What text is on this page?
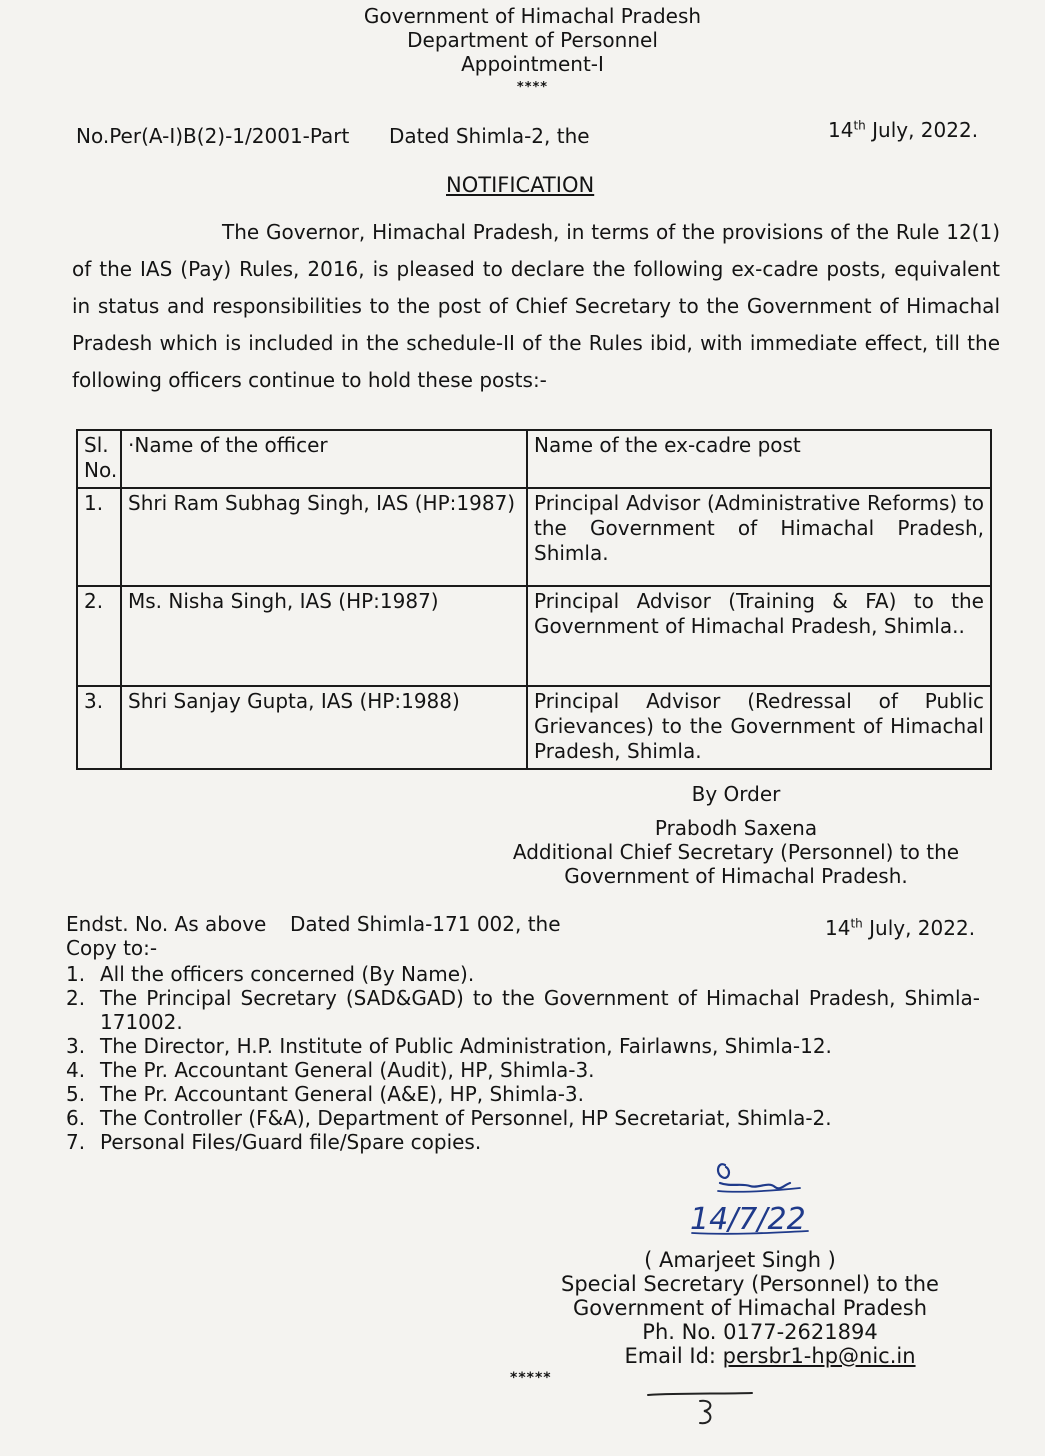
Government of Himachal Pradesh
Department of Personnel
Appointment-I
****
No.Per(A-I)B(2)-1/2001-Part Dated Shimla-2, the	14th July, 2022.
NOTIFICATION
The Governor, Himachal Pradesh, in terms of the provisions of the Rule 12(1) of the IAS (Pay) Rules, 2016, is pleased to declare the following ex-cadre posts, equivalent in status and responsibilities to the post of Chief Secretary to the Government of Himachal Pradesh which is included in the schedule-II of the Rules ibid, with immediate effect, till the following officers continue to hold these posts:-
Sl. No.	·Name of the officer	Name of the ex-cadre post
1.	Shri Ram Subhag Singh, IAS (HP:1987)	Principal Advisor (Administrative Reforms) to the Government of Himachal Pradesh, Shimla.
2.	Ms. Nisha Singh, IAS (HP:1987)	Principal Advisor (Training & FA) to the Government of Himachal Pradesh, Shimla..
3.	Shri Sanjay Gupta, IAS (HP:1988)	Principal Advisor (Redressal of Public Grievances) to the Government of Himachal Pradesh, Shimla.
By Order
Prabodh Saxena
Additional Chief Secretary (Personnel) to the
Government of Himachal Pradesh.
Endst. No. As above Dated Shimla-171 002, the	14th July, 2022.
Copy to:-
1. All the officers concerned (By Name).
2. The Principal Secretary (SAD&GAD) to the Government of Himachal Pradesh, Shimla-171002.
3. The Director, H.P. Institute of Public Administration, Fairlawns, Shimla-12.
4. The Pr. Accountant General (Audit), HP, Shimla-3.
5. The Pr. Accountant General (A&E), HP, Shimla-3.
6. The Controller (F&A), Department of Personnel, HP Secretariat, Shimla-2.
7. Personal Files/Guard file/Spare copies.
14/7/22
( Amarjeet Singh )
Special Secretary (Personnel) to the
Government of Himachal Pradesh
Ph. No. 0177-2621894
Email Id: persbr1-hp@nic.in
*****
